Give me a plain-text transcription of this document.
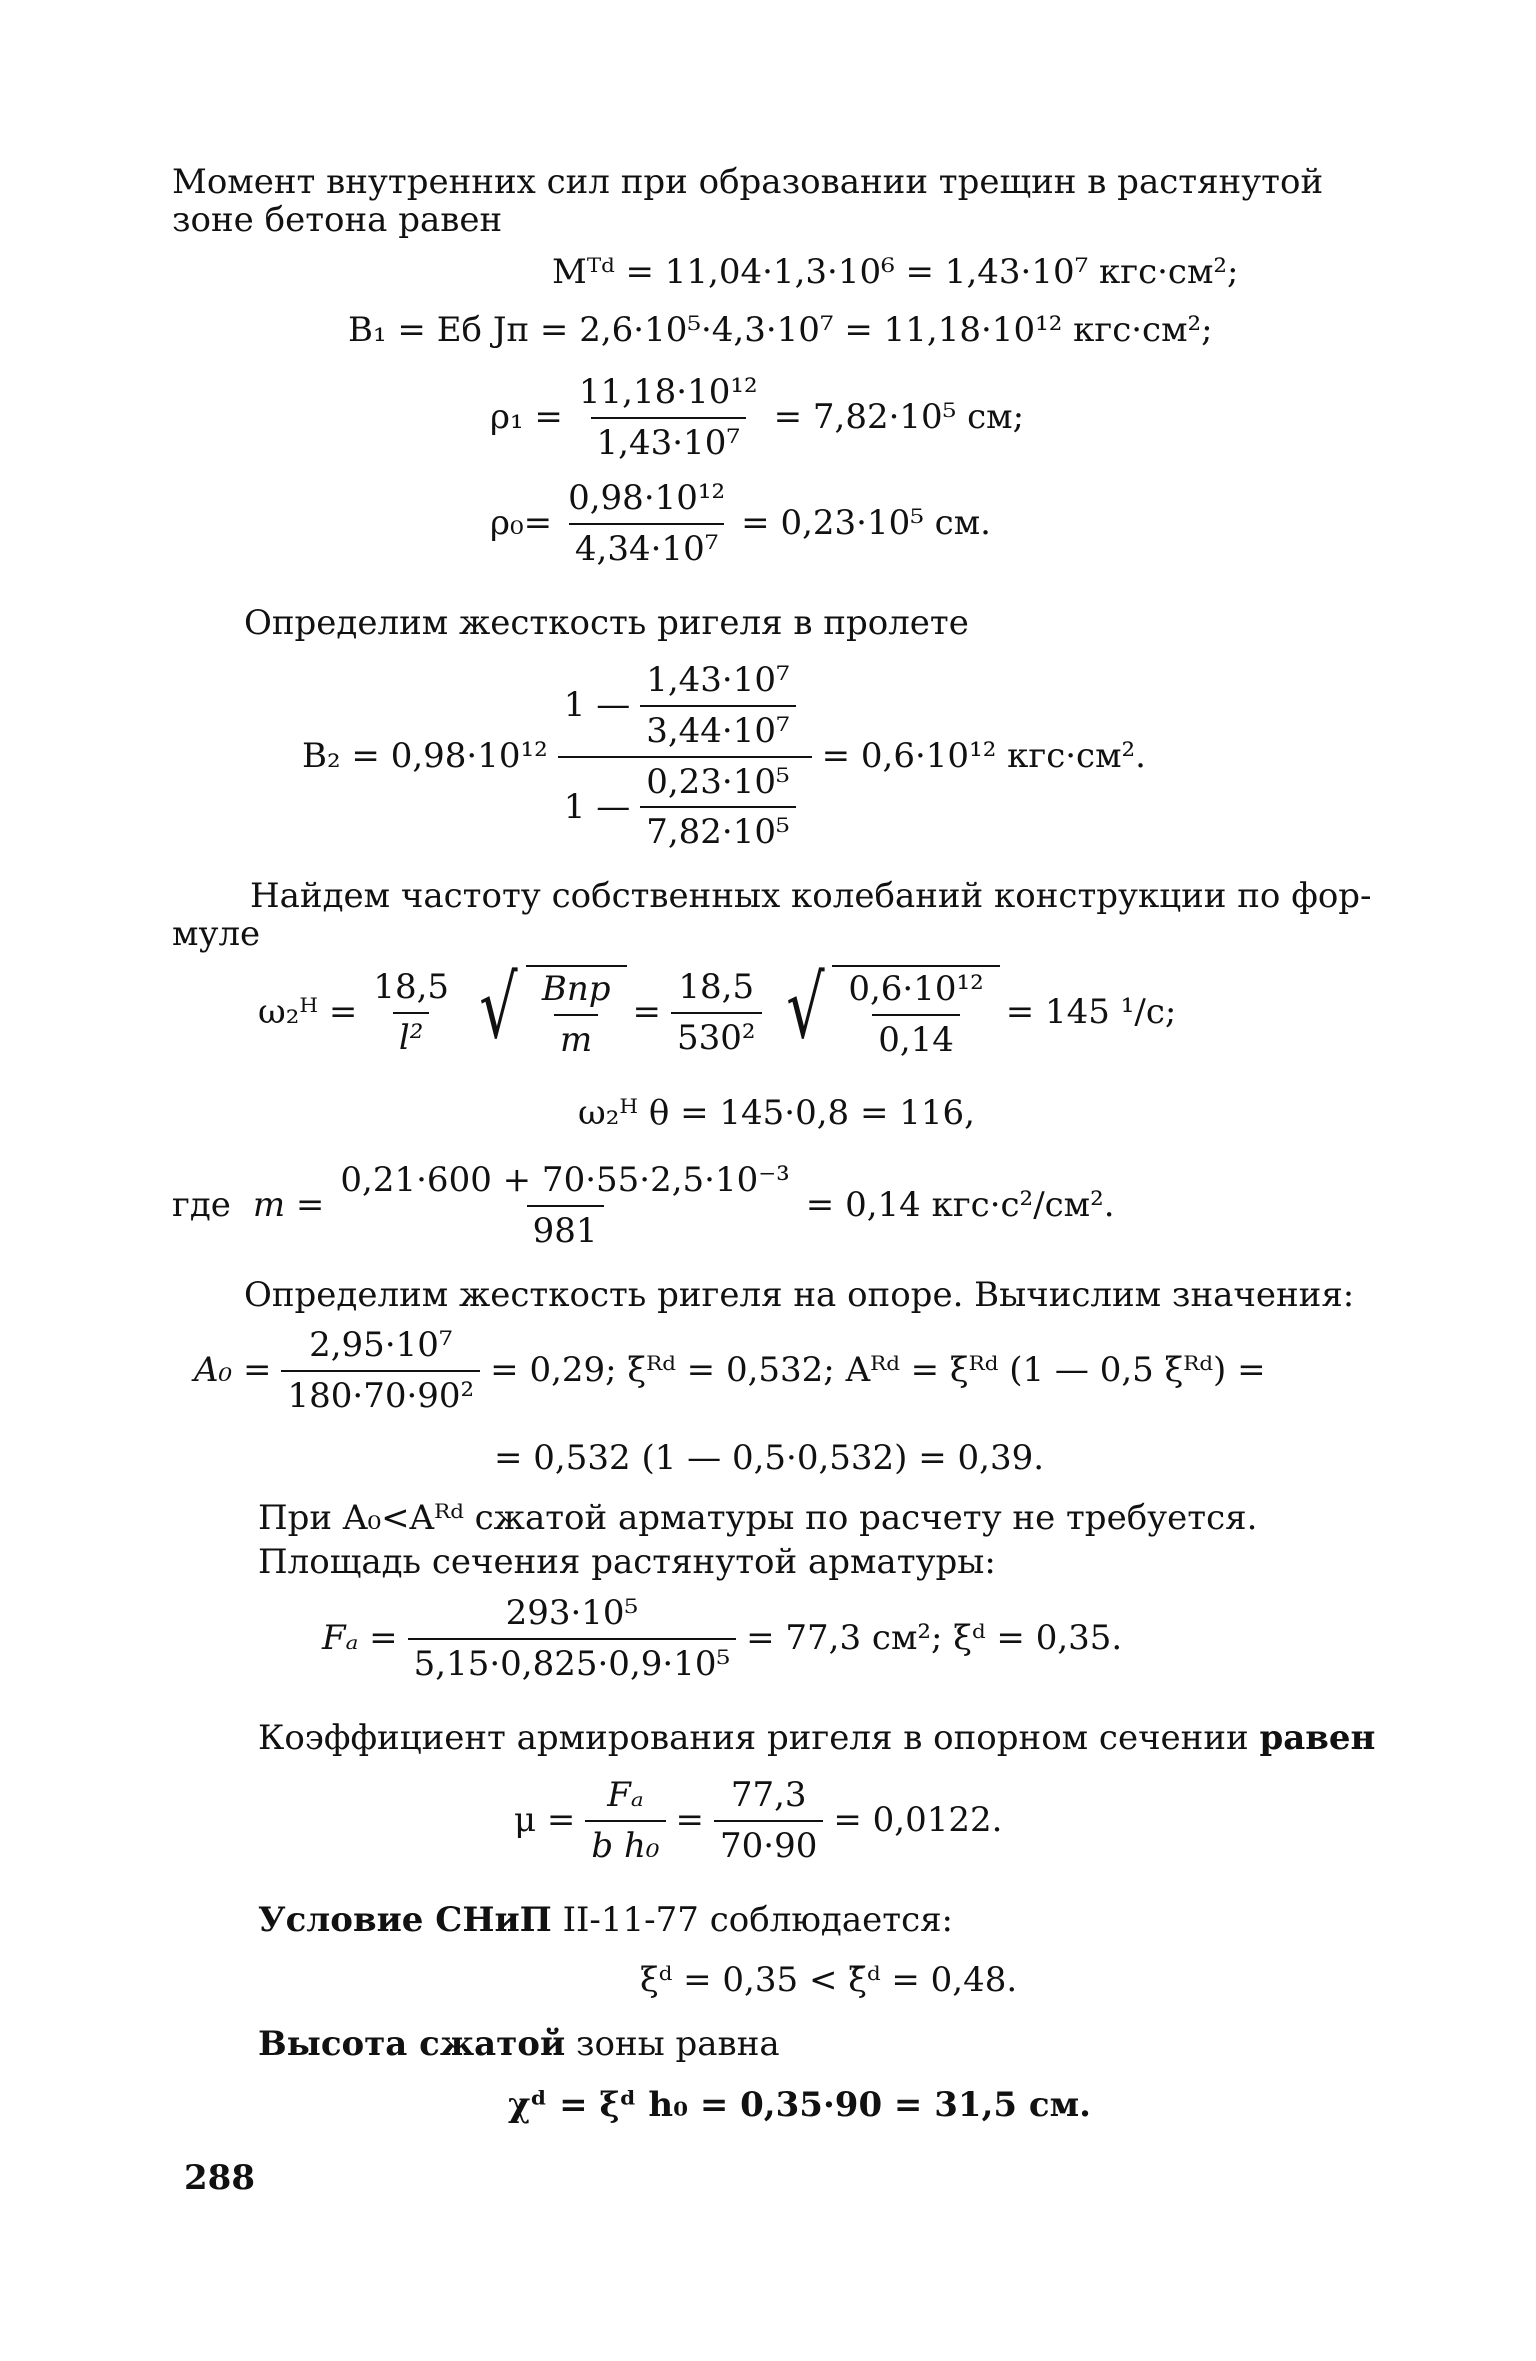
Момент внутренних сил при образовании трещин в растянутой
зоне бетона равен
Mᵀᵈ = 11,04·1,3·10⁶ = 1,43·10⁷ кгс·см²;
B₁ = Eб Jп = 2,6·10⁵·4,3·10⁷ = 11,18·10¹² кгс·см²;
$\rho_1 = \frac{\text{11,18·10¹²}}{\text{1,43·10⁷}} = 7,82\cdot 10^5$ см;
$\rho_0= \frac{\text{0,98·10¹²}}{\text{4,34·10⁷}} = 0,23\cdot 10^5$ см.
Определим жесткость ригеля в пролете
$B_2 = 0,98\cdot 10^{12} \frac{1 — \frac{\text{1,43·10⁷}}{\text{3,44·10⁷}}}{1 — \frac{\text{0,23·10⁵}}{\text{7,82·10⁵}}} = 0,6\cdot 10^{12}$ кгс·см².
Найдем частоту собственных колебаний конструкции по фор-
муле
ω₂ᴴ = $\frac{18,5}{\text{l²}}$ √ $\frac{\text{Bпр}}{m} = \frac{18,5}{\text{530²}}$ √ $\frac{\text{0,6·10¹²}}{0,14} = 145$ ¹/с;
ω₂ᴴ θ = 145·0,8 = 116,
где $m = \frac{\text{0,21·600 + 70·55·2,5·10⁻³}}{981} = 0,14$ кгс·с²/см².
Определим жесткость ригеля на опоре. Вычислим значения:
$A_0 = \frac{\text{2,95·10⁷}}{\text{180·70·90²}} = 0,29$; ξᴿᵈ = 0,532; Aᴿᵈ = ξᴿᵈ (1 — 0,5 ξᴿᵈ) =
= 0,532 (1 — 0,5·0,532) = 0,39.
При A₀<Aᴿᵈ сжатой арматуры по расчету не требуется.
Площадь сечения растянутой арматуры:
$F_a = \frac{\text{293·10⁵}}{\text{5,15·0,825·0,9·10⁵}} = 77,3$ см²; ξᵈ = 0,35.
Коэффициент армирования ригеля в опорном сечении равен
$\mu = \frac{\text{Fₐ}}{\text{b h₀}} = \frac{77,3}{70\cdot 90} = 0,0122$.
Условие СНиП II-11-77 соблюдается:
ξᵈ = 0,35 < ξ̄ᵈ = 0,48.
Высота сжатой зоны равна
χᵈ = ξᵈ h₀ = 0,35·90 = 31,5 см.
288
